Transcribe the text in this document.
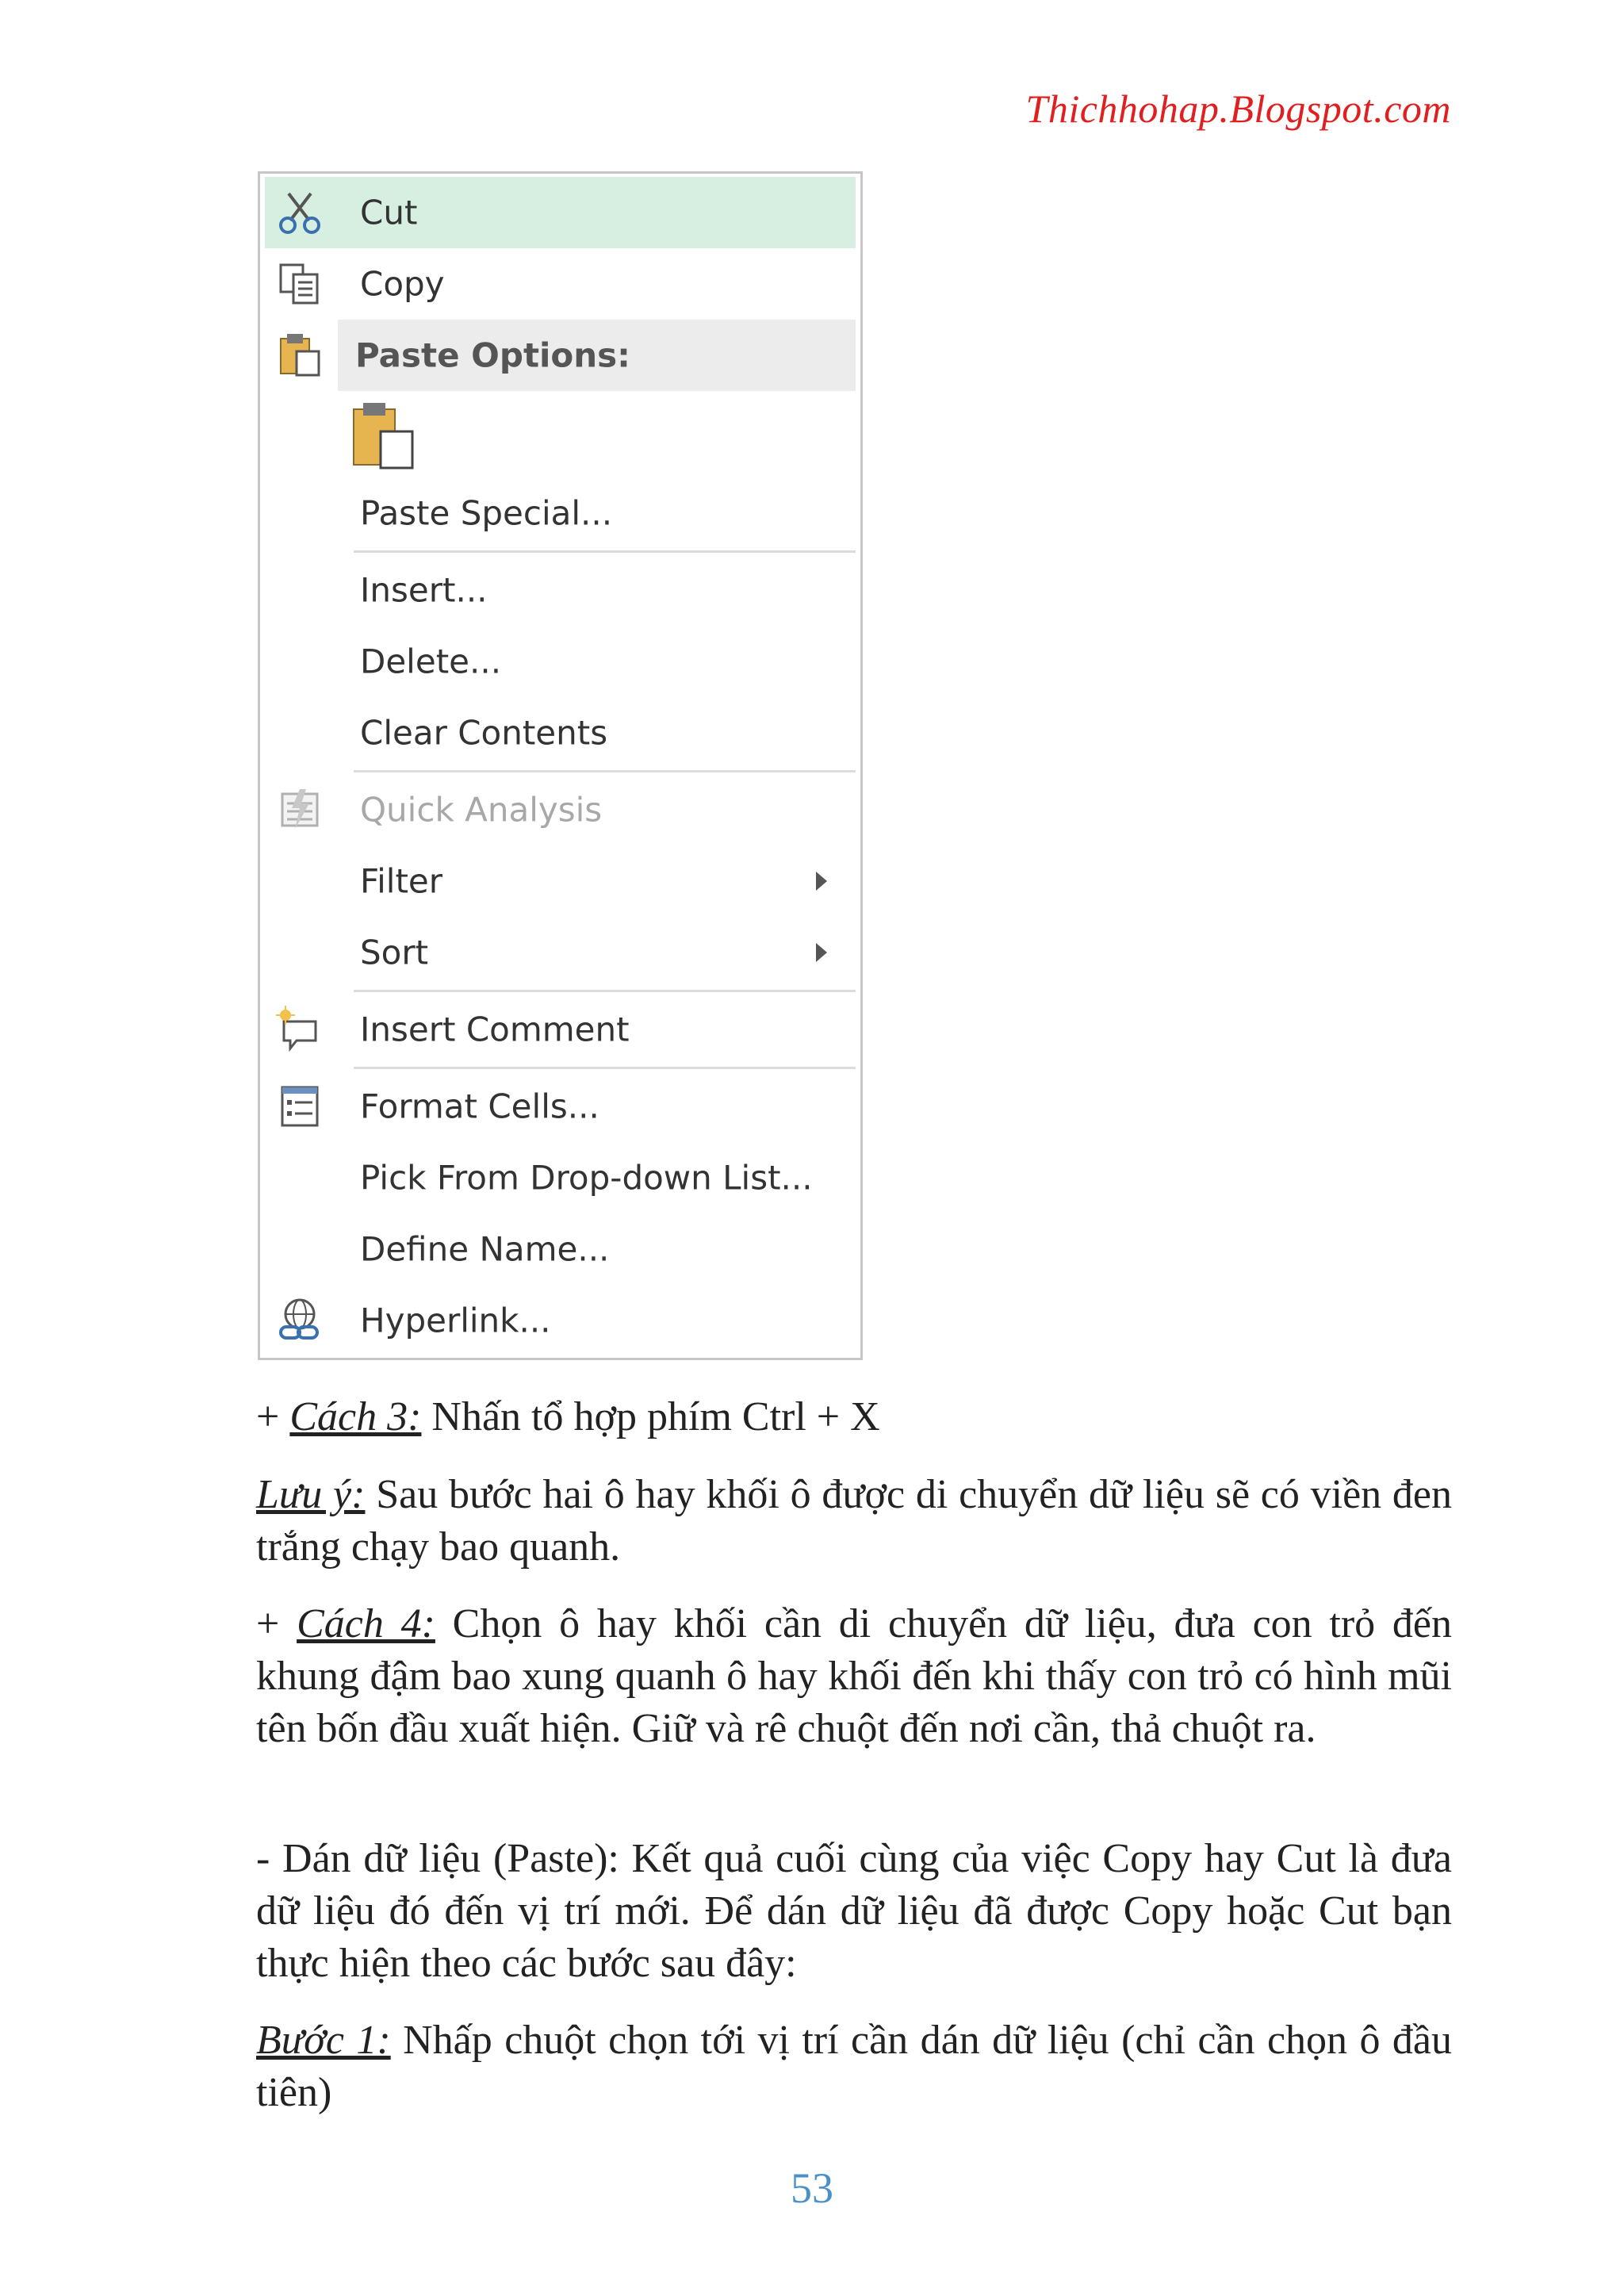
Thichhohap.Blogspot.com
Cut
Copy
Paste Options:
Paste Special...
Insert...
Delete...
Clear Contents
Quick Analysis
Filter
Sort
Insert Comment
Format Cells...
Pick From Drop-down List...
Define Name...
Hyperlink...
+ Cách 3: Nhấn tổ hợp phím Ctrl + X
Lưu ý: Sau bước hai ô hay khối ô được di chuyển dữ liệu sẽ có viền đen trắng chạy bao quanh.
+ Cách 4: Chọn ô hay khối cần di chuyển dữ liệu, đưa con trỏ đến khung đậm bao xung quanh ô hay khối đến khi thấy con trỏ có hình mũi tên bốn đầu xuất hiện. Giữ và rê chuột đến nơi cần, thả chuột ra.
- Dán dữ liệu (Paste): Kết quả cuối cùng của việc Copy hay Cut là đưa dữ liệu đó đến vị trí mới. Để dán dữ liệu đã được Copy hoặc Cut bạn thực hiện theo các bước sau đây:
Bước 1: Nhấp chuột chọn tới vị trí cần dán dữ liệu (chỉ cần chọn ô đầu tiên)
53
